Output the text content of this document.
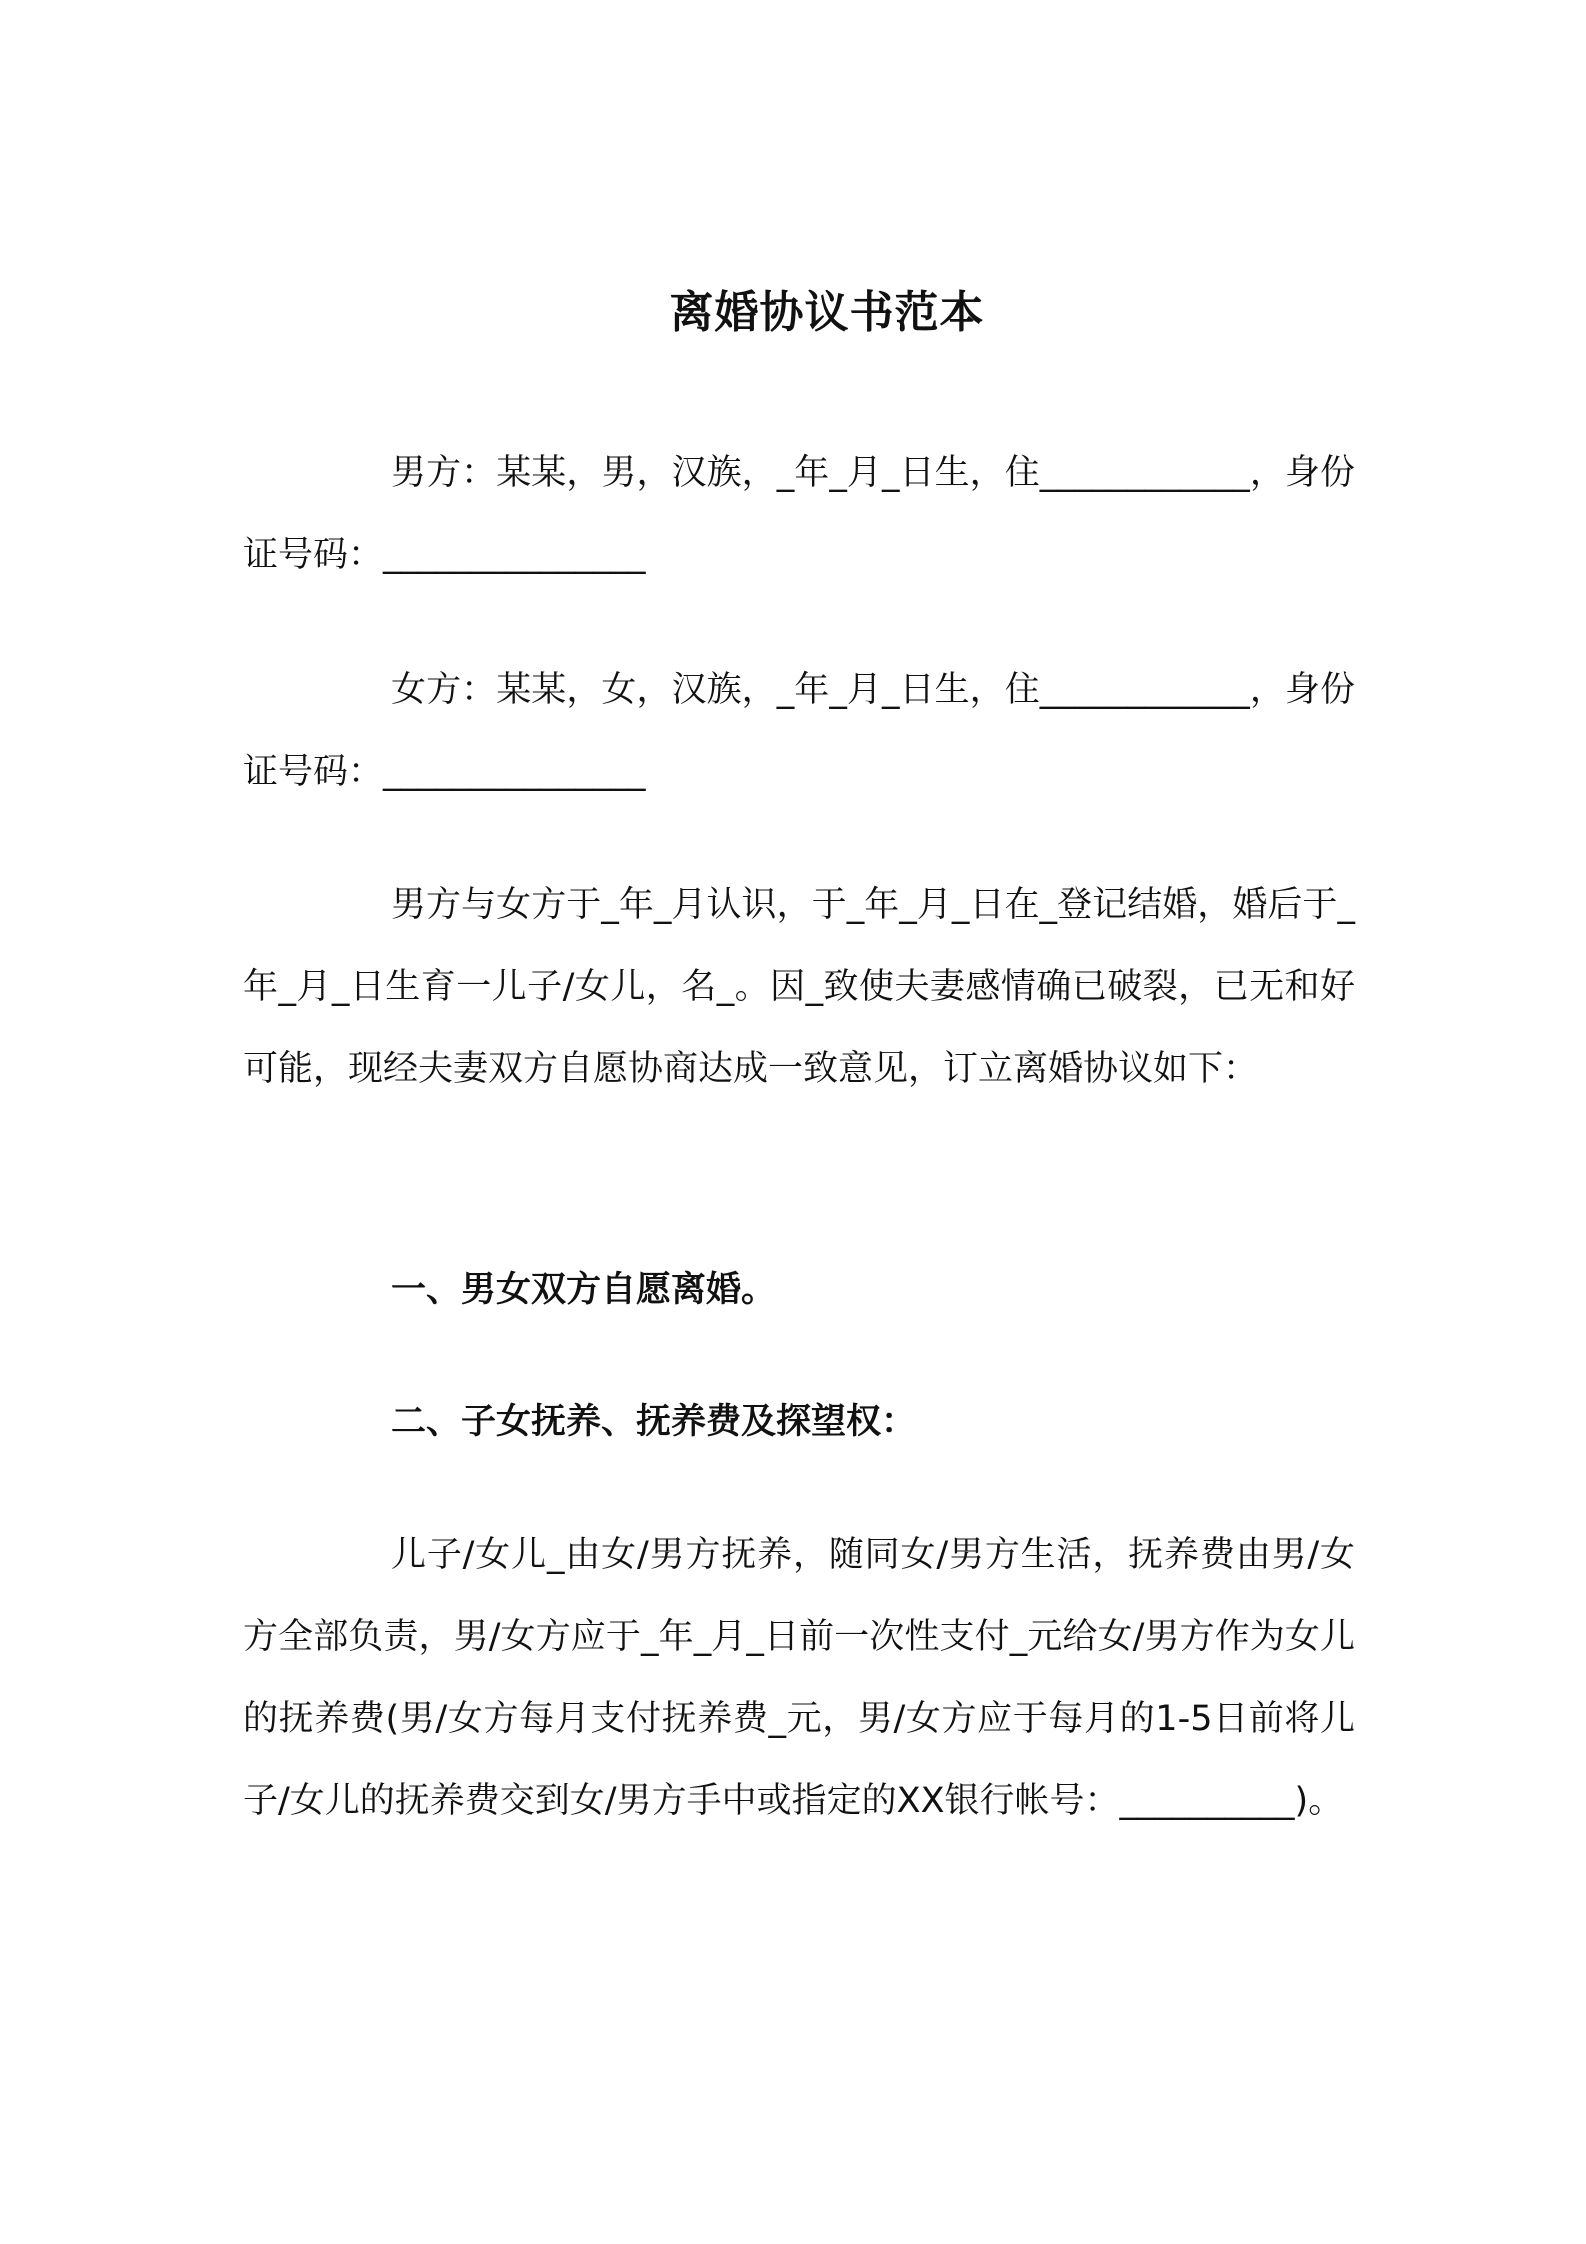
离婚协议书范本

男方：某某，男，汉族，_年_月_日生，住____________，身份证号码：_______________

女方：某某，女，汉族，_年_月_日生，住____________，身份证号码：_______________

男方与女方于_年_月认识，于_年_月_日在_登记结婚，婚后于_年_月_日生育一儿子/女儿，名_。因_致使夫妻感情确已破裂，已无和好可能，现经夫妻双方自愿协商达成一致意见，订立离婚协议如下：

一、男女双方自愿离婚。

二、子女抚养、抚养费及探望权：

儿子/女儿_由女/男方抚养，随同女/男方生活，抚养费由男/女方全部负责，男/女方应于_年_月_日前一次性支付_元给女/男方作为女儿的抚养费(男/女方每月支付抚养费_元，男/女方应于每月的1-5日前将儿子/女儿的抚养费交到女/男方手中或指定的XX银行帐号：__________)。
